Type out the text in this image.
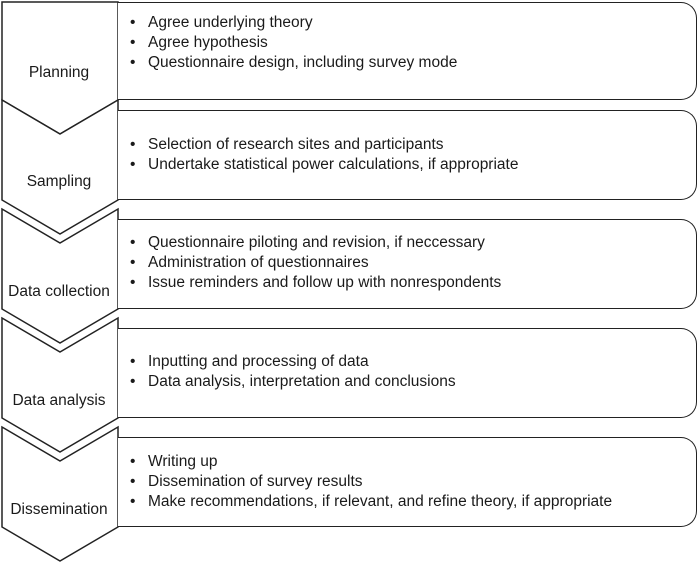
• Agree underlying theory
• Agree hypothesis
• Questionnaire design, including survey mode
Planning
• Selection of research sites and participants
• Undertake statistical power calculations, if appropriate
Sampling
• Questionnaire piloting and revision, if neccessary
• Administration of questionnaires
• Issue reminders and follow up with nonrespondents
Data collection
• Inputting and processing of data
• Data analysis, interpretation and conclusions
Data analysis
• Writing up
• Dissemination of survey results
• Make recommendations, if relevant, and refine theory, if appropriate
Dissemination
